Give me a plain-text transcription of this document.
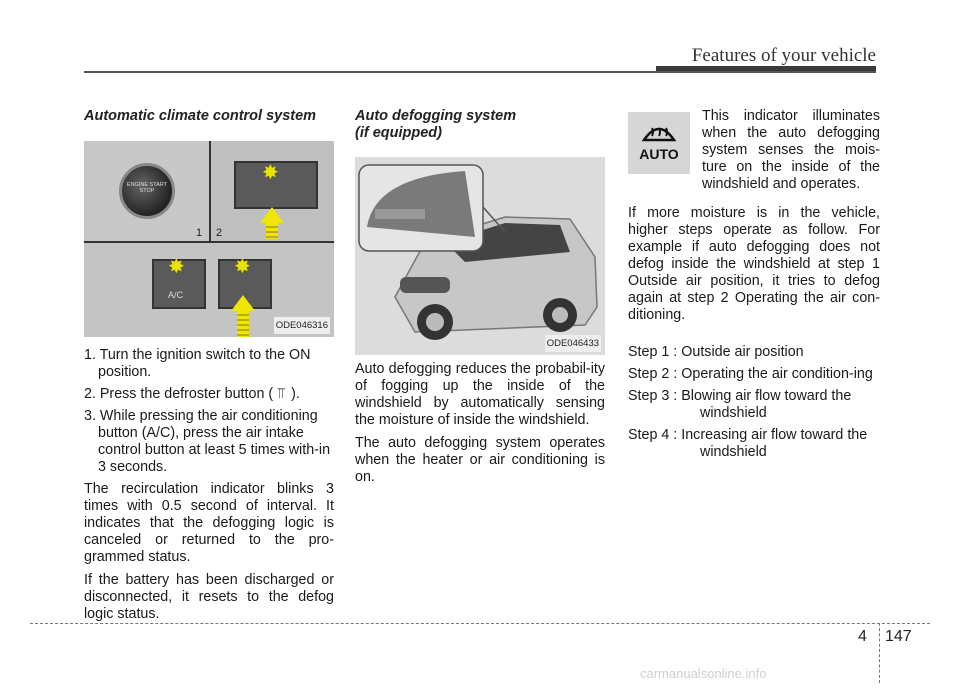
Features of your vehicle
Automatic climate control system
ENGINE START STOP
✸
1 2
A/C
✸ ✸
ODE046316
1. Turn the ignition switch to the ON position.
2. Press the defroster button ( ⫪ ).
3. While pressing the air conditioning button (A/C), press the air intake control button at least 5 times with-in 3 seconds.

The recirculation indicator blinks 3 times with 0.5 second of interval. It indicates that the defogging logic is canceled or returned to the pro-grammed status.

If the battery has been discharged or disconnected, it resets to the defog logic status.

Auto defogging system
(if equipped)
ODE046433

Auto defogging reduces the probabil-ity of fogging up the inside of the windshield by automatically sensing the moisture of inside the windshield.

The auto defogging system operates when the heater or air conditioning is on.

AUTO

This indicator illuminates when the auto defogging system senses the mois-ture on the inside of the windshield and operates.

If more moisture is in the vehicle, higher steps operate as follow. For example if auto defogging does not defog inside the windshield at step 1 Outside air position, it tries to defog again at step 2 Operating the air con-ditioning.

Step 1 : Outside air position
Step 2 : Operating the air condition-ing
Step 3 : Blowing air flow toward the windshield
Step 4 : Increasing air flow toward the windshield
4 147
carmanualsonline.info
